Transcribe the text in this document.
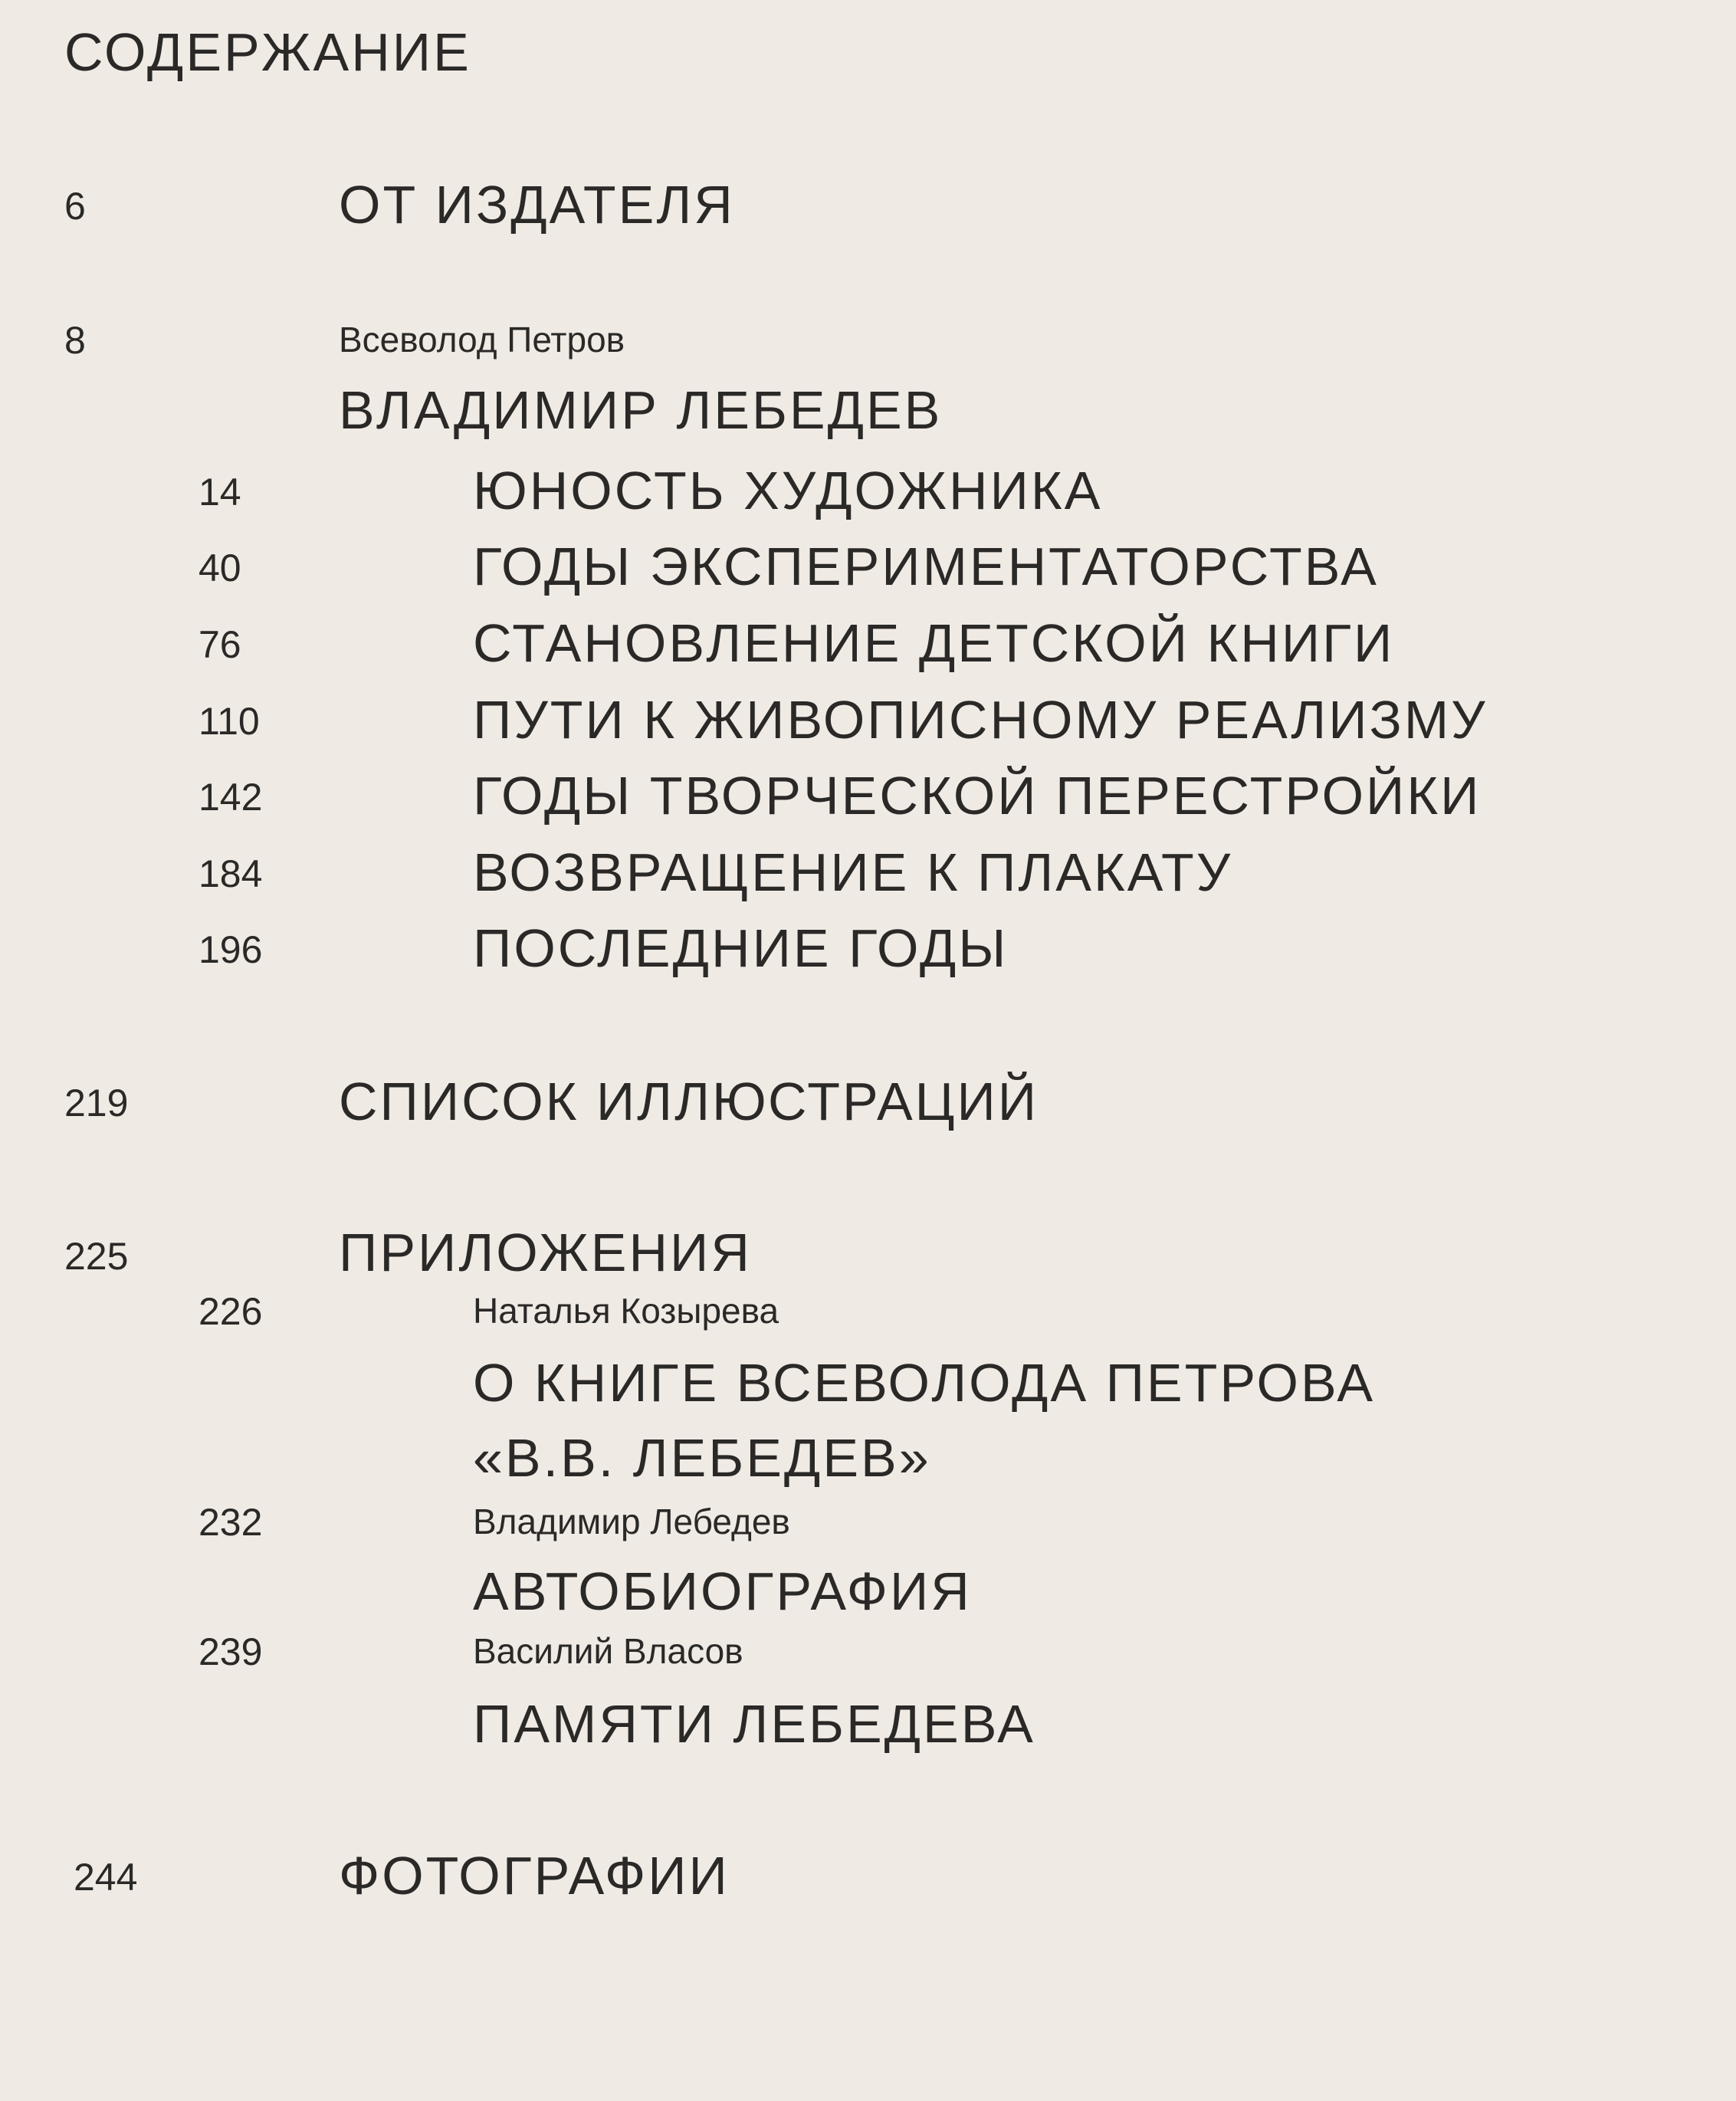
СОДЕРЖАНИЕ
6	ОТ ИЗДАТЕЛЯ
8	Всеволод Петров
ВЛАДИМИР ЛЕБЕДЕВ
14	ЮНОСТЬ ХУДОЖНИКА
40	ГОДЫ ЭКСПЕРИМЕНТАТОРСТВА
76	СТАНОВЛЕНИЕ ДЕТСКОЙ КНИГИ
110	ПУТИ К ЖИВОПИСНОМУ РЕАЛИЗМУ
142	ГОДЫ ТВОРЧЕСКОЙ ПЕРЕСТРОЙКИ
184	ВОЗВРАЩЕНИЕ К ПЛАКАТУ
196	ПОСЛЕДНИЕ ГОДЫ
219	СПИСОК ИЛЛЮСТРАЦИЙ
225	ПРИЛОЖЕНИЯ
226	Наталья Козырева
О КНИГЕ ВСЕВОЛОДА ПЕТРОВА
«В.В. ЛЕБЕДЕВ»
232	Владимир Лебедев
АВТОБИОГРАФИЯ
239	Василий Власов
ПАМЯТИ ЛЕБЕДЕВА
244	ФОТОГРАФИИ
